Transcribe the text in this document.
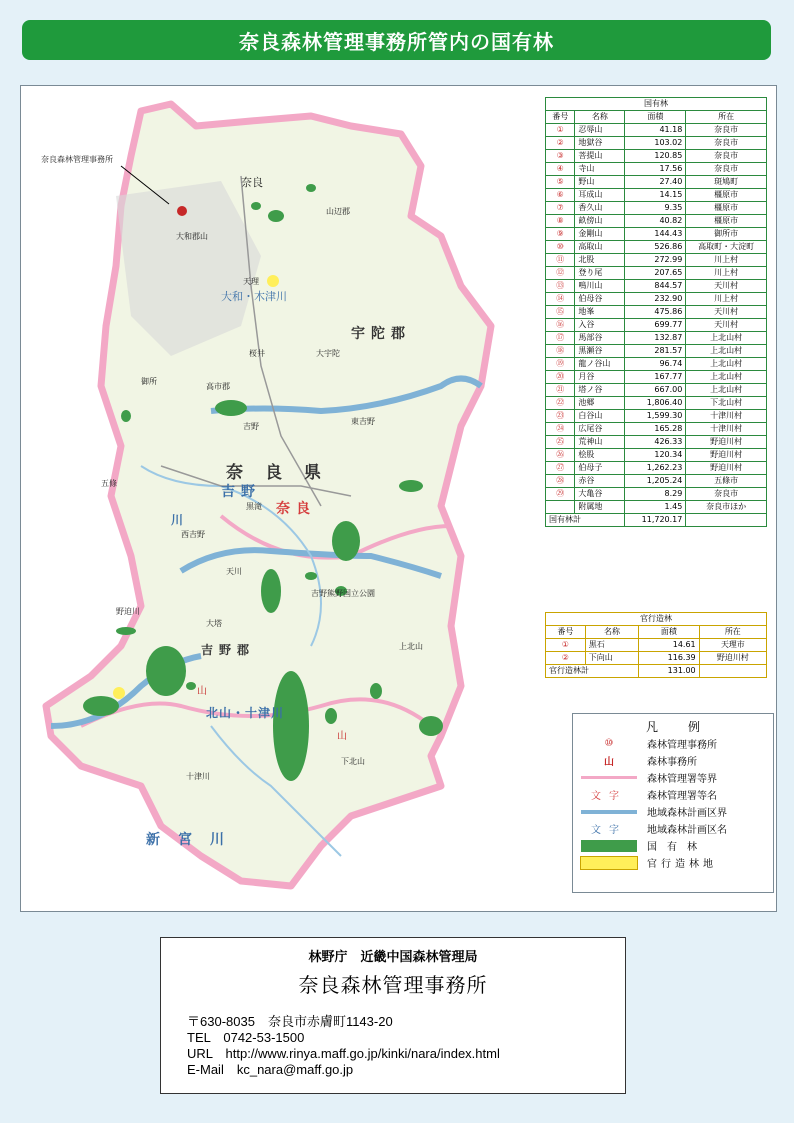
奈良森林管理事務所管内の国有林
山
山
奈良森林管理事務所
奈良
山辺郡
大和郡山
天理
大和・木津川
宇陀郡
桜井
高市郡
御所
大宇陀
吉野
東吉野
奈良県
五條
吉野
奈良
西吉野
黒滝
天川
吉野熊野国立公園
大塔
吉野郡	上北山
野迫川
北山・十津川
十津川
下北山
新宮川
川
国有林			
番号	名称	面積	所在
①	忍辱山	41.18	奈良市
②	地獄谷	103.02	奈良市
③	菩提山	120.85	奈良市
④	寺山	17.56	奈良市
⑤	野山	27.40	斑鳩町
⑥	耳成山	14.15	橿原市
⑦	香久山	9.35	橿原市
⑧	畝傍山	40.82	橿原市
⑨	金剛山	144.43	御所市
⑩	高取山	526.86	高取町・大淀町
⑪	北股	272.99	川上村
⑫	登り尾	207.65	川上村
⑬	鳴川山	844.57	天川村
⑭	伯母谷	232.90	川上村
⑮	地峯	475.86	天川村
⑯	入谷	699.77	天川村
⑰	馬部谷	132.87	上北山村
⑱	黒瀬谷	281.57	上北山村
⑲	龍ノ谷山	96.74	上北山村
⑳	月谷	167.77	上北山村
㉑	塔ノ谷	667.00	上北山村
㉒	池郷	1,806.40	下北山村
㉓	白谷山	1,599.30	十津川村
㉔	広尾谷	165.28	十津川村
㉕	荒神山	426.33	野迫川村
㉖	桧股	120.34	野迫川村
㉗	伯母子	1,262.23	野迫川村
㉘	赤谷	1,205.24	五條市
㉙	大亀谷	8.29	奈良市
	附属地	1.45	奈良市ほか
国有林計		11,720.17	
官行造林			
番号	名称	面積	所在
①	黒石	14.61	天理市
②	下向山	116.39	野迫川村
官行造林計		131.00	
凡例
⑩	森林管理事務所
山	森林事務所
森林管理署等界
文字	森林管理署等名
地域森林計画区界
文字	地域森林計画区名
国有林
官行造林地
林野庁　近畿中国森林管理局
奈良森林管理事務所
〒630-8035　奈良市赤膚町1143-20
TEL　0742-53-1500
URL　http://www.rinya.maff.go.jp/kinki/nara/index.html
E-Mail　kc_nara@maff.go.jp
